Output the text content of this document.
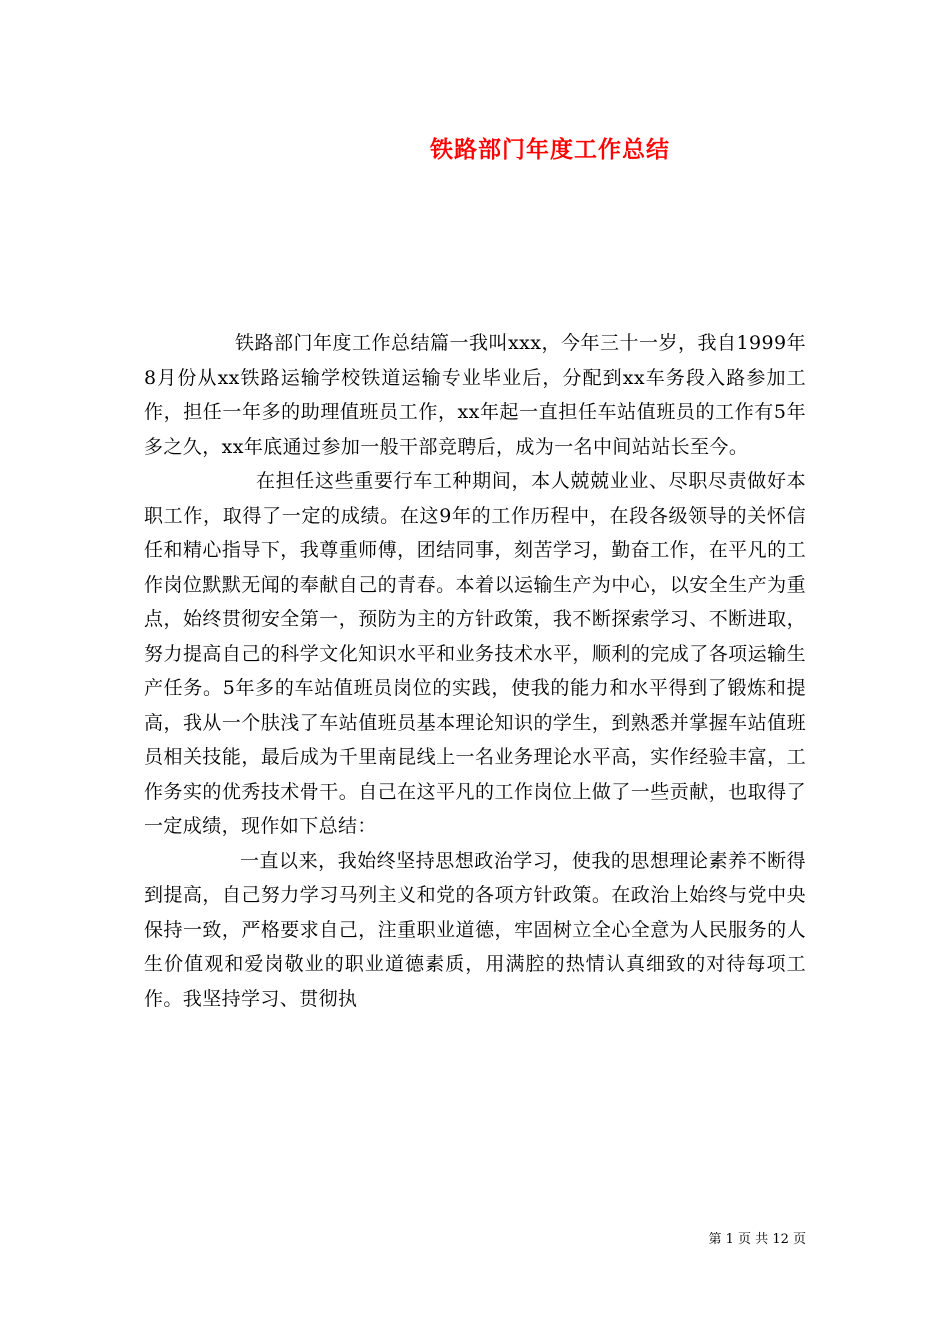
铁路部门年度工作总结

铁路部门年度工作总结篇一我叫xxx，今年三十一岁，我自1999年8月份从xx铁路运输学校铁道运输专业毕业后，分配到xx车务段入路参加工作，担任一年多的助理值班员工作，xx年起一直担任车站值班员的工作有5年多之久，xx年底通过参加一般干部竞聘后，成为一名中间站站长至今。

在担任这些重要行车工种期间，本人兢兢业业、尽职尽责做好本职工作，取得了一定的成绩。在这9年的工作历程中，在段各级领导的关怀信任和精心指导下，我尊重师傅，团结同事，刻苦学习，勤奋工作，在平凡的工作岗位默默无闻的奉献自己的青春。本着以运输生产为中心，以安全生产为重点，始终贯彻安全第一，预防为主的方针政策，我不断探索学习、不断进取，努力提高自己的科学文化知识水平和业务技术水平，顺利的完成了各项运输生产任务。5年多的车站值班员岗位的实践，使我的能力和水平得到了锻炼和提高，我从一个肤浅了车站值班员基本理论知识的学生，到熟悉并掌握车站值班员相关技能，最后成为千里南昆线上一名业务理论水平高，实作经验丰富，工作务实的优秀技术骨干。自己在这平凡的工作岗位上做了一些贡献，也取得了一定成绩，现作如下总结：

一直以来，我始终坚持思想政治学习，使我的思想理论素养不断得到提高，自己努力学习马列主义和党的各项方针政策。在政治上始终与党中央保持一致，严格要求自己，注重职业道德，牢固树立全心全意为人民服务的人生价值观和爱岗敬业的职业道德素质，用满腔的热情认真细致的对待每项工作。我坚持学习、贯彻执

第 1 页 共 12 页
